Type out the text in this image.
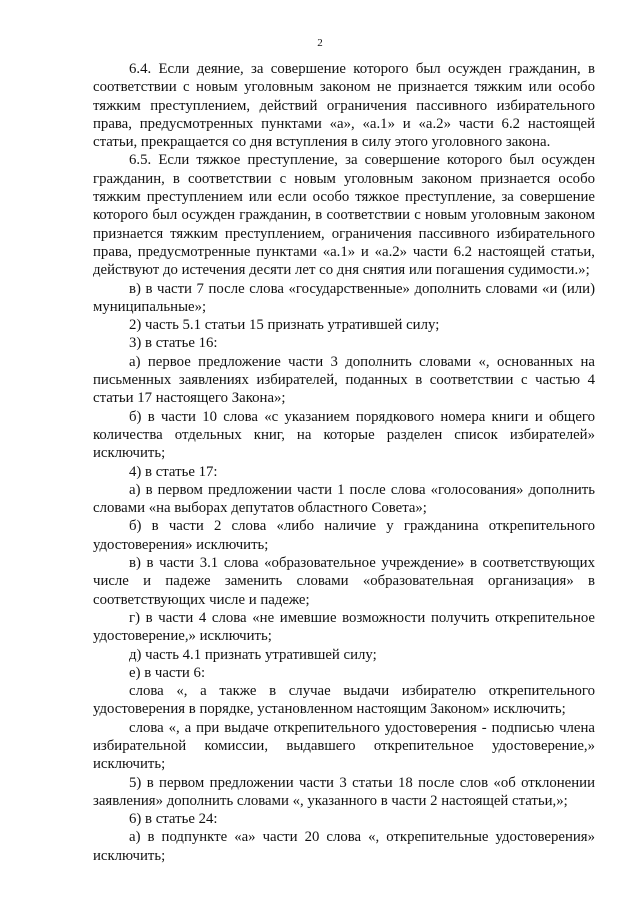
2

6.4. Если деяние, за совершение которого был осужден гражданин, в соответствии с новым уголовным законом не признается тяжким или особо тяжким преступлением, действий ограничения пассивного избирательного права, предусмотренных пунктами «а», «а.1» и «а.2» части 6.2 настоящей статьи, прекращается со дня вступления в силу этого уголовного закона.

6.5. Если тяжкое преступление, за совершение которого был осужден гражданин, в соответствии с новым уголовным законом признается особо тяжким преступлением или если особо тяжкое преступление, за совершение которого был осужден гражданин, в соответствии с новым уголовным законом признается тяжким преступлением, ограничения пассивного избирательного права, предусмотренные пунктами «а.1» и «а.2» части 6.2 настоящей статьи, действуют до истечения десяти лет со дня снятия или погашения судимости.»;

в) в части 7 после слова «государственные» дополнить словами «и (или) муниципальные»;

2) часть 5.1 статьи 15 признать утратившей силу;

3) в статье 16:

а) первое предложение части 3 дополнить словами «, основанных на письменных заявлениях избирателей, поданных в соответствии с частью 4 статьи 17 настоящего Закона»;

б) в части 10 слова «с указанием порядкового номера книги и общего количества отдельных книг, на которые разделен список избирателей» исключить;

4) в статье 17:

а) в первом предложении части 1 после слова «голосования» дополнить словами «на выборах депутатов областного Совета»;

б) в части 2 слова «либо наличие у гражданина открепительного удостоверения» исключить;

в) в части 3.1 слова «образовательное учреждение» в соответствующих числе и падеже заменить словами «образовательная организация» в соответствующих числе и падеже;

г) в части 4 слова «не имевшие возможности получить открепительное удостоверение,» исключить;

д) часть 4.1 признать утратившей силу;

е) в части 6:

слова «, а также в случае выдачи избирателю открепительного удостоверения в порядке, установленном настоящим Законом» исключить;

слова «, а при выдаче открепительного удостоверения - подписью члена избирательной комиссии, выдавшего открепительное удостоверение,» исключить;

5) в первом предложении части 3 статьи 18 после слов «об отклонении заявления» дополнить словами «, указанного в части 2 настоящей статьи,»;

6) в статье 24:

а) в подпункте «а» части 20 слова «, открепительные удостоверения» исключить;
